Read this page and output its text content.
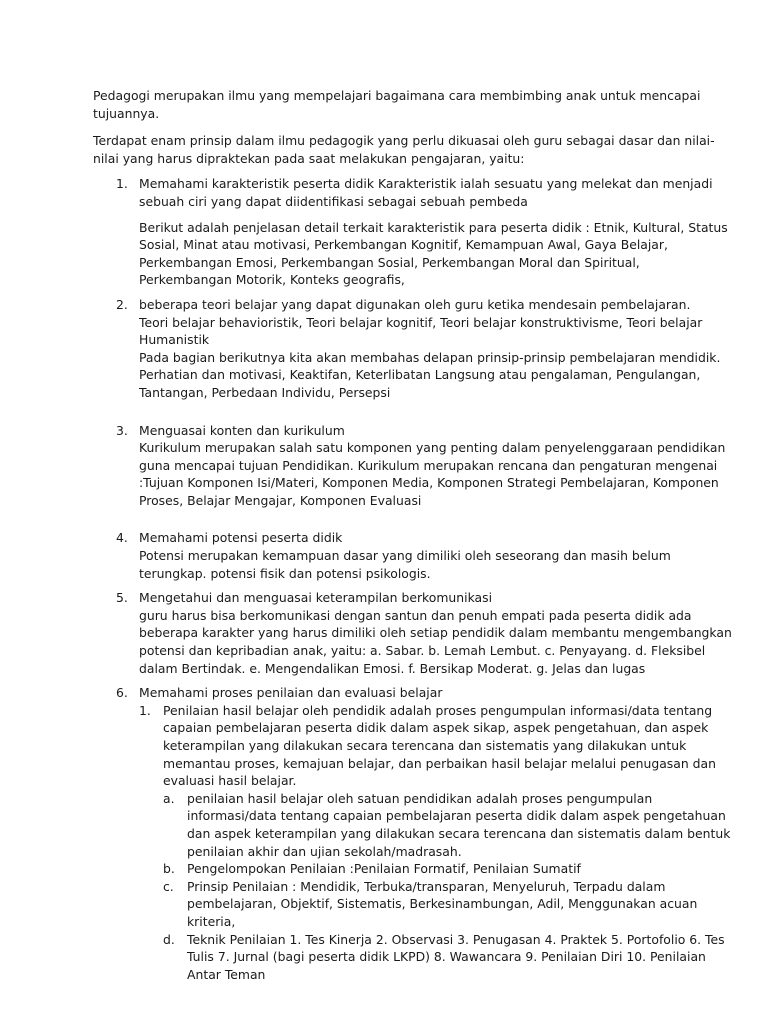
Pedagogi merupakan ilmu yang mempelajari bagaimana cara membimbing anak untuk mencapai tujuannya.

Terdapat enam prinsip dalam ilmu pedagogik yang perlu dikuasai oleh guru sebagai dasar dan nilai-nilai yang harus dipraktekan pada saat melakukan pengajaran, yaitu:

1. Memahami karakteristik peserta didik Karakteristik ialah sesuatu yang melekat dan menjadi sebuah ciri yang dapat diidentifikasi sebagai sebuah pembeda

Berikut adalah penjelasan detail terkait karakteristik para peserta didik : Etnik, Kultural, Status Sosial, Minat atau motivasi, Perkembangan Kognitif, Kemampuan Awal, Gaya Belajar, Perkembangan Emosi, Perkembangan Sosial, Perkembangan Moral dan Spiritual, Perkembangan Motorik, Konteks geografis,

2. beberapa teori belajar yang dapat digunakan oleh guru ketika mendesain pembelajaran.

Teori belajar behavioristik, Teori belajar kognitif, Teori belajar konstruktivisme, Teori belajar Humanistik

Pada bagian berikutnya kita akan membahas delapan prinsip-prinsip pembelajaran mendidik. Perhatian dan motivasi, Keaktifan, Keterlibatan Langsung atau pengalaman, Pengulangan, Tantangan, Perbedaan Individu, Persepsi

3. Menguasai konten dan kurikulum

Kurikulum merupakan salah satu komponen yang penting dalam penyelenggaraan pendidikan guna mencapai tujuan Pendidikan. Kurikulum merupakan rencana dan pengaturan mengenai :Tujuan Komponen Isi/Materi, Komponen Media, Komponen Strategi Pembelajaran, Komponen Proses, Belajar Mengajar, Komponen Evaluasi

4. Memahami potensi peserta didik

Potensi merupakan kemampuan dasar yang dimiliki oleh seseorang dan masih belum terungkap. potensi fisik dan potensi psikologis.

5. Mengetahui dan menguasai keterampilan berkomunikasi

guru harus bisa berkomunikasi dengan santun dan penuh empati pada peserta didik ada beberapa karakter yang harus dimiliki oleh setiap pendidik dalam membantu mengembangkan potensi dan kepribadian anak, yaitu: a. Sabar. b. Lemah Lembut. c. Penyayang. d. Fleksibel dalam Bertindak. e. Mengendalikan Emosi. f. Bersikap Moderat. g. Jelas dan lugas

6. Memahami proses penilaian dan evaluasi belajar

1. Penilaian hasil belajar oleh pendidik adalah proses pengumpulan informasi/data tentang capaian pembelajaran peserta didik dalam aspek sikap, aspek pengetahuan, dan aspek keterampilan yang dilakukan secara terencana dan sistematis yang dilakukan untuk memantau proses, kemajuan belajar, dan perbaikan hasil belajar melalui penugasan dan evaluasi hasil belajar.

a. penilaian hasil belajar oleh satuan pendidikan adalah proses pengumpulan informasi/data tentang capaian pembelajaran peserta didik dalam aspek pengetahuan dan aspek keterampilan yang dilakukan secara terencana dan sistematis dalam bentuk penilaian akhir dan ujian sekolah/madrasah.

b. Pengelompokan Penilaian :Penilaian Formatif, Penilaian Sumatif

c. Prinsip Penilaian : Mendidik, Terbuka/transparan, Menyeluruh, Terpadu dalam pembelajaran, Objektif, Sistematis, Berkesinambungan, Adil, Menggunakan acuan kriteria,

d. Teknik Penilaian 1. Tes Kinerja 2. Observasi 3. Penugasan 4. Praktek 5. Portofolio 6. Tes Tulis 7. Jurnal (bagi peserta didik LKPD) 8. Wawancara 9. Penilaian Diri 10. Penilaian Antar Teman
